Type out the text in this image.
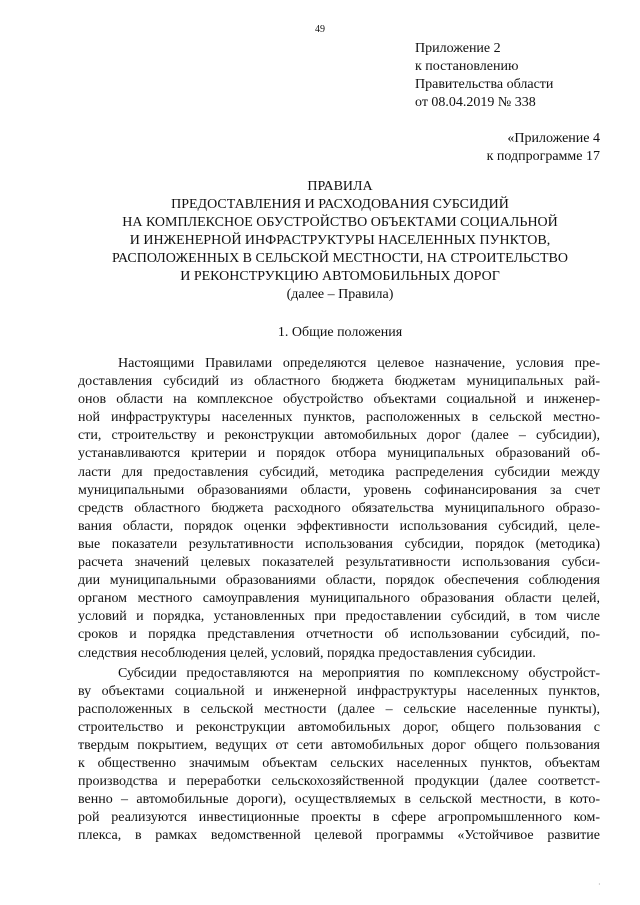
49
Приложение 2
к постановлению
Правительства области
от 08.04.2019 № 338
«Приложение 4
к подпрограмме 17
ПРАВИЛА
ПРЕДОСТАВЛЕНИЯ И РАСХОДОВАНИЯ СУБСИДИЙ
НА КОМПЛЕКСНОЕ ОБУСТРОЙСТВО ОБЪЕКТАМИ СОЦИАЛЬНОЙ
И ИНЖЕНЕРНОЙ ИНФРАСТРУКТУРЫ НАСЕЛЕННЫХ ПУНКТОВ,
РАСПОЛОЖЕННЫХ В СЕЛЬСКОЙ МЕСТНОСТИ, НА СТРОИТЕЛЬСТВО
И РЕКОНСТРУКЦИЮ АВТОМОБИЛЬНЫХ ДОРОГ
(далее – Правила)
1. Общие положения
Настоящими Правилами определяются целевое назначение, условия пре-
доставления субсидий из областного бюджета бюджетам муниципальных рай-
онов области на комплексное обустройство объектами социальной и инженер-
ной инфраструктуры населенных пунктов, расположенных в сельской местно-
сти, строительству и реконструкции автомобильных дорог (далее – субсидии),
устанавливаются критерии и порядок отбора муниципальных образований об-
ласти для предоставления субсидий, методика распределения субсидии между
муниципальными образованиями области, уровень софинансирования за счет
средств областного бюджета расходного обязательства муниципального образо-
вания области, порядок оценки эффективности использования субсидий, целе-
вые показатели результативности использования субсидии, порядок (методика)
расчета значений целевых показателей результативности использования субси-
дии муниципальными образованиями области, порядок обеспечения соблюдения
органом местного самоуправления муниципального образования области целей,
условий и порядка, установленных при предоставлении субсидий, в том числе
сроков и порядка представления отчетности об использовании субсидий, по-
следствия несоблюдения целей, условий, порядка предоставления субсидии.
Субсидии предоставляются на мероприятия по комплексному обустройст-
ву объектами социальной и инженерной инфраструктуры населенных пунктов,
расположенных в сельской местности (далее – сельские населенные пункты),
строительство и реконструкции автомобильных дорог, общего пользования с
твердым покрытием, ведущих от сети автомобильных дорог общего пользования
к общественно значимым объектам сельских населенных пунктов, объектам
производства и переработки сельскохозяйственной продукции (далее соответст-
венно – автомобильные дороги), осуществляемых в сельской местности, в кото-
рой реализуются инвестиционные проекты в сфере агропромышленного ком-
плекса, в рамках ведомственной целевой программы «Устойчивое развитие
·
